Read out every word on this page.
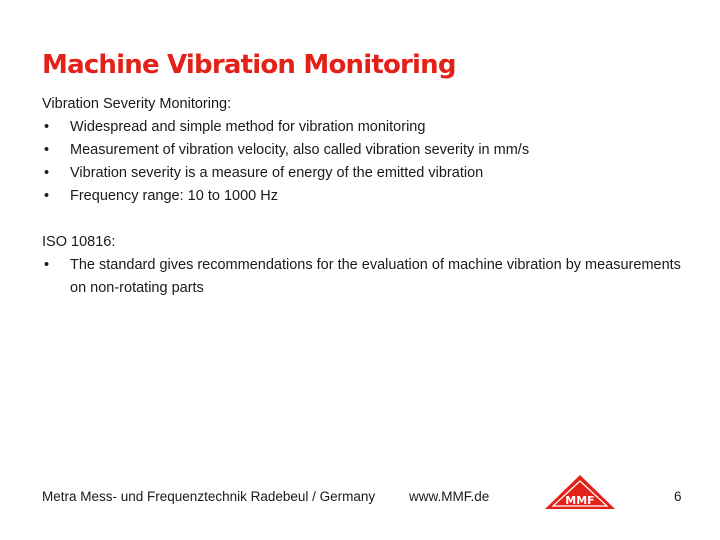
Machine Vibration Monitoring
Vibration Severity Monitoring:
• Widespread and simple method for vibration monitoring
• Measurement of vibration velocity, also called vibration severity in mm/s
• Vibration severity is a measure of energy of the emitted vibration
• Frequency range: 10 to 1000 Hz
ISO 10816:
• The standard gives recommendations for the evaluation of machine vibration by measurements on non-rotating parts
Metra Mess- und Frequenztechnik Radebeul / Germany	www.MMF.de	MMF	6
